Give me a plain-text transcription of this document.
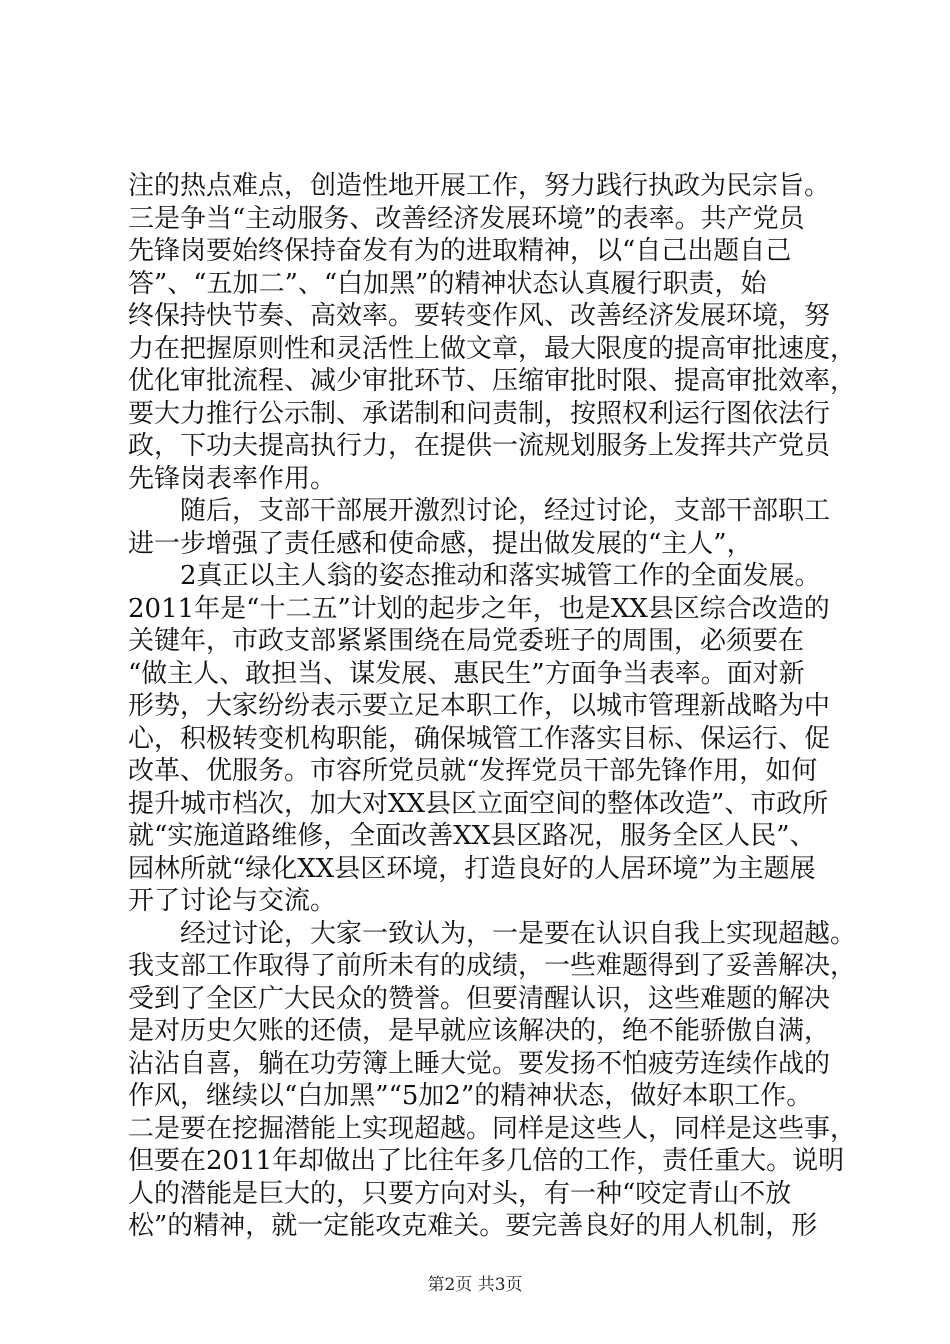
注的热点难点，创造性地开展工作，努力践行执政为民宗旨。
三是争当“主动服务、改善经济发展环境”的表率。共产党员
先锋岗要始终保持奋发有为的进取精神，以“自己出题自己
答”、“五加二”、“白加黑”的精神状态认真履行职责，始
终保持快节奏、高效率。要转变作风、改善经济发展环境，努
力在把握原则性和灵活性上做文章，最大限度的提高审批速度，
优化审批流程、减少审批环节、压缩审批时限、提高审批效率，
要大力推行公示制、承诺制和问责制，按照权利运行图依法行
政，下功夫提高执行力，在提供一流规划服务上发挥共产党员
先锋岗表率作用。
　　随后，支部干部展开激烈讨论，经过讨论，支部干部职工
进一步增强了责任感和使命感，提出做发展的“主人”，
　　2真正以主人翁的姿态推动和落实城管工作的全面发展。
2011年是“十二五”计划的起步之年，也是XX县区综合改造的
关键年，市政支部紧紧围绕在局党委班子的周围，必须要在
“做主人、敢担当、谋发展、惠民生”方面争当表率。面对新
形势，大家纷纷表示要立足本职工作，以城市管理新战略为中
心，积极转变机构职能，确保城管工作落实目标、保运行、促
改革、优服务。市容所党员就“发挥党员干部先锋作用，如何
提升城市档次，加大对XX县区立面空间的整体改造”、市政所
就“实施道路维修，全面改善XX县区路况，服务全区人民”、
园林所就“绿化XX县区环境，打造良好的人居环境”为主题展
开了讨论与交流。
　　经过讨论，大家一致认为，一是要在认识自我上实现超越。
我支部工作取得了前所未有的成绩，一些难题得到了妥善解决，
受到了全区广大民众的赞誉。但要清醒认识，这些难题的解决
是对历史欠账的还债，是早就应该解决的，绝不能骄傲自满，
沾沾自喜，躺在功劳簿上睡大觉。要发扬不怕疲劳连续作战的
作风，继续以“白加黑”“5加2”的精神状态，做好本职工作。
二是要在挖掘潜能上实现超越。同样是这些人，同样是这些事，
但要在2011年却做出了比往年多几倍的工作，责任重大。说明
人的潜能是巨大的，只要方向对头，有一种“咬定青山不放
松”的精神，就一定能攻克难关。要完善良好的用人机制，形
第2页 共3页
